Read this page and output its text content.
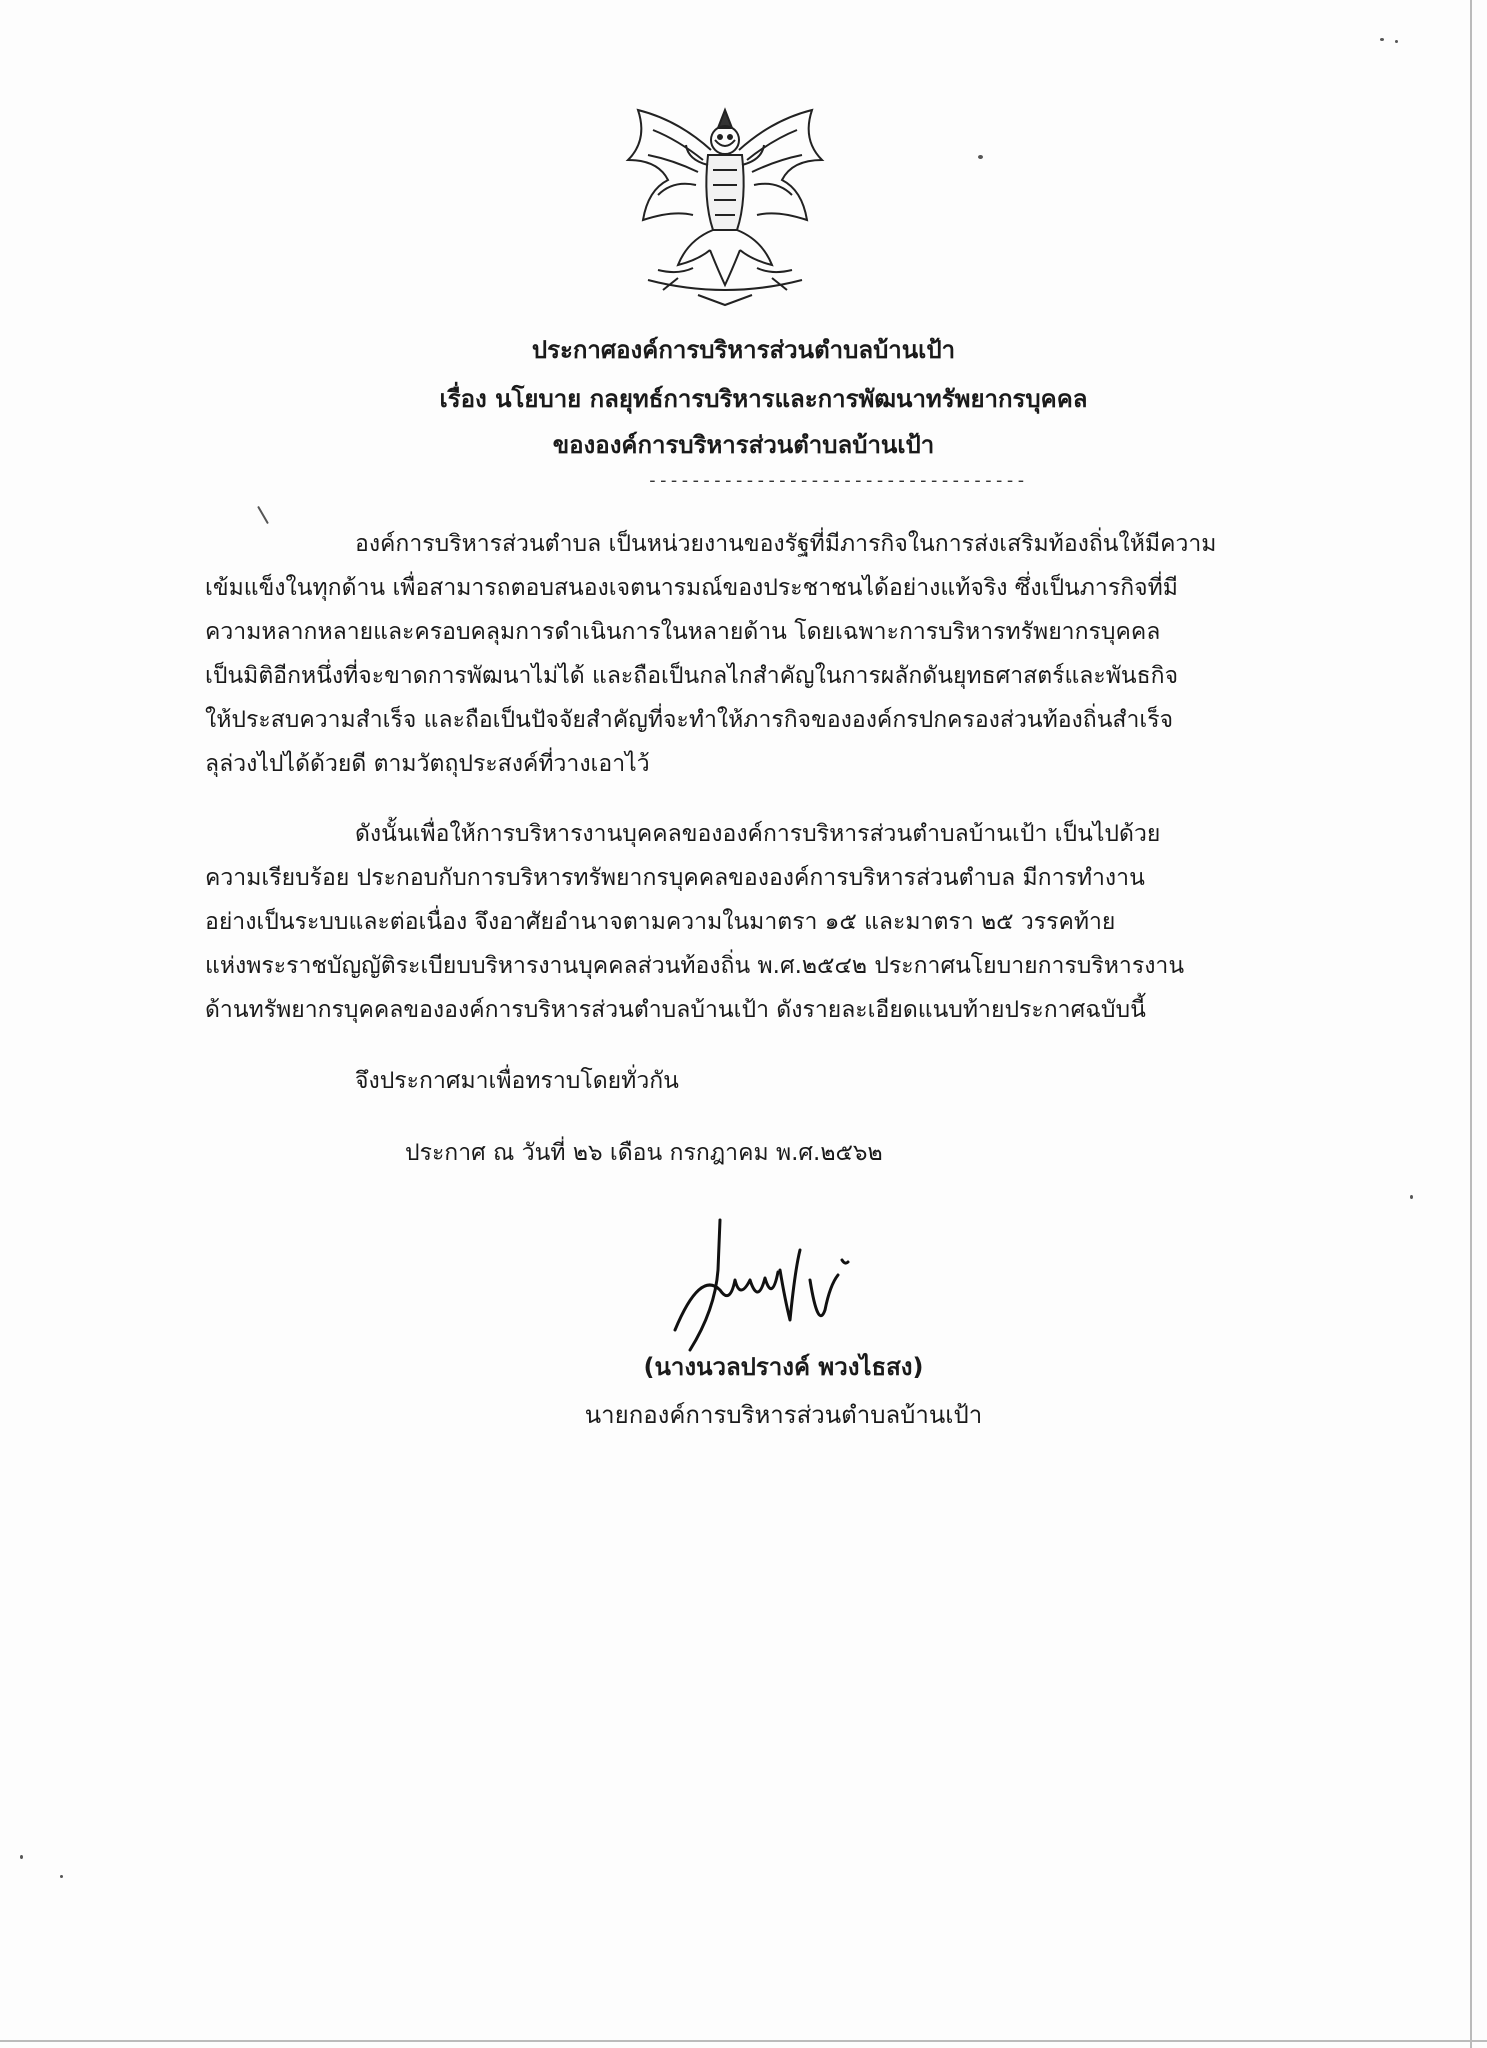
ประกาศองค์การบริหารส่วนตำบลบ้านเป้า
เรื่อง นโยบาย กลยุทธ์การบริหารและการพัฒนาทรัพยากรบุคคล
ขององค์การบริหารส่วนตำบลบ้านเป้า
-----------------------------------
องค์การบริหารส่วนตำบล เป็นหน่วยงานของรัฐที่มีภารกิจในการส่งเสริมท้องถิ่นให้มีความ
เข้มแข็งในทุกด้าน เพื่อสามารถตอบสนองเจตนารมณ์ของประชาชนได้อย่างแท้จริง ซึ่งเป็นภารกิจที่มี
ความหลากหลายและครอบคลุมการดำเนินการในหลายด้าน โดยเฉพาะการบริหารทรัพยากรบุคคล
เป็นมิติอีกหนึ่งที่จะขาดการพัฒนาไม่ได้ และถือเป็นกลไกสำคัญในการผลักดันยุทธศาสตร์และพันธกิจ
ให้ประสบความสำเร็จ และถือเป็นปัจจัยสำคัญที่จะทำให้ภารกิจขององค์กรปกครองส่วนท้องถิ่นสำเร็จ
ลุล่วงไปได้ด้วยดี ตามวัตถุประสงค์ที่วางเอาไว้
ดังนั้นเพื่อให้การบริหารงานบุคคลขององค์การบริหารส่วนตำบลบ้านเป้า เป็นไปด้วย
ความเรียบร้อย ประกอบกับการบริหารทรัพยากรบุคคลขององค์การบริหารส่วนตำบล มีการทำงาน
อย่างเป็นระบบและต่อเนื่อง จึงอาศัยอำนาจตามความในมาตรา ๑๕ และมาตรา ๒๕ วรรคท้าย
แห่งพระราชบัญญัติระเบียบบริหารงานบุคคลส่วนท้องถิ่น พ.ศ.๒๕๔๒ ประกาศนโยบายการบริหารงาน
ด้านทรัพยากรบุคคลขององค์การบริหารส่วนตำบลบ้านเป้า ดังรายละเอียดแนบท้ายประกาศฉบับนี้
จึงประกาศมาเพื่อทราบโดยทั่วกัน
ประกาศ ณ วันที่ ๒๖ เดือน กรกฎาคม พ.ศ.๒๕๖๒
(นางนวลปรางค์ พวงไธสง)
นายกองค์การบริหารส่วนตำบลบ้านเป้า
